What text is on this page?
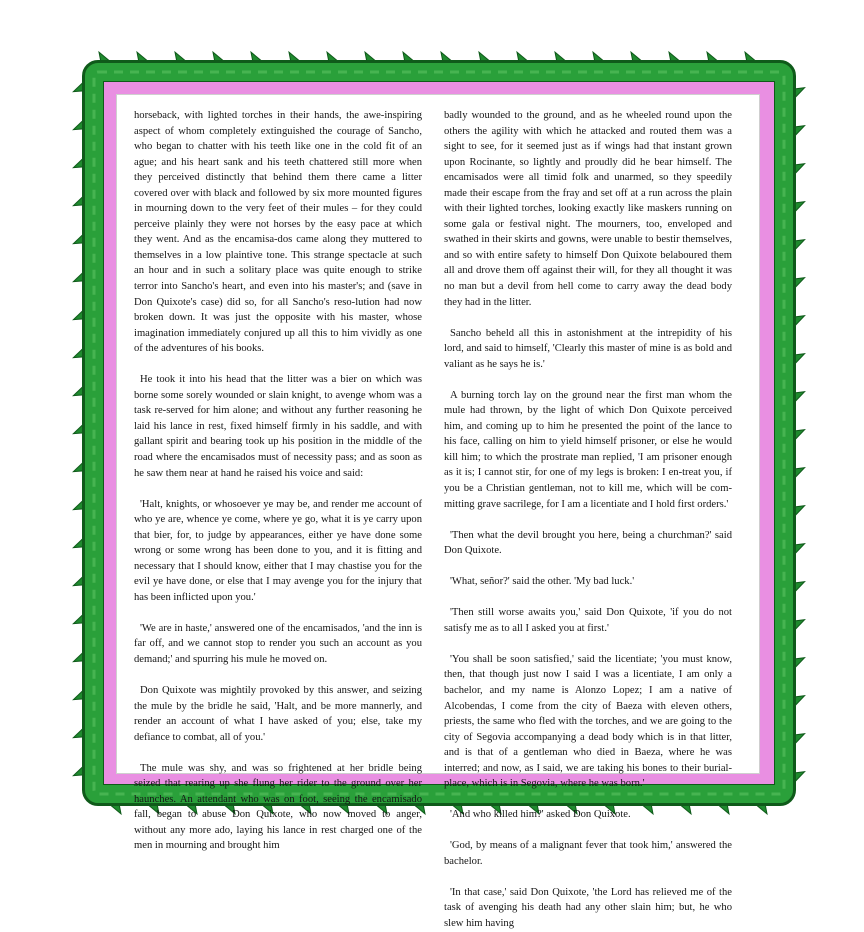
horseback, with lighted torches in their hands, the awe-inspiring aspect of whom completely extinguished the courage of Sancho, who began to chatter with his teeth like one in the cold fit of an ague; and his heart sank and his teeth chattered still more when they perceived distinctly that behind them there came a litter covered over with black and followed by six more mounted figures in mourning down to the very feet of their mules – for they could perceive plainly they were not horses by the easy pace at which they went. And as the encamisa-dos came along they muttered to themselves in a low plaintive tone. This strange spectacle at such an hour and in such a solitary place was quite enough to strike terror into Sancho's heart, and even into his master's; and (save in Don Quixote's case) did so, for all Sancho's reso-lution had now broken down. It was just the opposite with his master, whose imagination immediately conjured up all this to him vividly as one of the adventures of his books.

He took it into his head that the litter was a bier on which was borne some sorely wounded or slain knight, to avenge whom was a task re-served for him alone; and without any further reasoning he laid his lance in rest, fixed himself firmly in his saddle, and with gallant spirit and bearing took up his position in the middle of the road where the encamisados must of necessity pass; and as soon as he saw them near at hand he raised his voice and said:

'Halt, knights, or whosoever ye may be, and render me account of who ye are, whence ye come, where ye go, what it is ye carry upon that bier, for, to judge by appearances, either ye have done some wrong or some wrong has been done to you, and it is fitting and necessary that I should know, either that I may chastise you for the evil ye have done, or else that I may avenge you for the injury that has been inflicted upon you.'

'We are in haste,' answered one of the encamisados, 'and the inn is far off, and we cannot stop to render you such an account as you demand;' and spurring his mule he moved on.

Don Quixote was mightily provoked by this answer, and seizing the mule by the bridle he said, 'Halt, and be more mannerly, and render an account of what I have asked of you; else, take my defiance to combat, all of you.'

The mule was shy, and was so frightened at her bridle being seized that rearing up she flung her rider to the ground over her haunches. An attendant who was on foot, seeing the encamisado fall, began to abuse Don Quixote, who now moved to anger, without any more ado, laying his lance in rest charged one of the men in mourning and brought him

badly wounded to the ground, and as he wheeled round upon the others the agility with which he attacked and routed them was a sight to see, for it seemed just as if wings had that instant grown upon Rocinante, so lightly and proudly did he bear himself. The encamisados were all timid folk and unarmed, so they speedily made their escape from the fray and set off at a run across the plain with their lighted torches, looking exactly like maskers running on some gala or festival night. The mourners, too, enveloped and swathed in their skirts and gowns, were unable to bestir themselves, and so with entire safety to himself Don Quixote belaboured them all and drove them off against their will, for they all thought it was no man but a devil from hell come to carry away the dead body they had in the litter.

Sancho beheld all this in astonishment at the intrepidity of his lord, and said to himself, 'Clearly this master of mine is as bold and valiant as he says he is.'

A burning torch lay on the ground near the first man whom the mule had thrown, by the light of which Don Quixote perceived him, and coming up to him he presented the point of the lance to his face, calling on him to yield himself prisoner, or else he would kill him; to which the prostrate man replied, 'I am prisoner enough as it is; I cannot stir, for one of my legs is broken: I en-treat you, if you be a Christian gentleman, not to kill me, which will be com-mitting grave sacrilege, for I am a licentiate and I hold first orders.'

'Then what the devil brought you here, being a churchman?' said Don Quixote.

'What, señor?' said the other. 'My bad luck.'

'Then still worse awaits you,' said Don Quixote, 'if you do not satisfy me as to all I asked you at first.'

'You shall be soon satisfied,' said the licentiate; 'you must know, then, that though just now I said I was a licentiate, I am only a bachelor, and my name is Alonzo Lopez; I am a native of Alcobendas, I come from the city of Baeza with eleven others, priests, the same who fled with the torches, and we are going to the city of Segovia accompanying a dead body which is in that litter, and is that of a gentleman who died in Baeza, where he was interred; and now, as I said, we are taking his bones to their burial-place, which is in Segovia, where he was born.'

'And who killed him?' asked Don Quixote.

'God, by means of a malignant fever that took him,' answered the bachelor.

'In that case,' said Don Quixote, 'the Lord has relieved me of the task of avenging his death had any other slain him; but, he who slew him having
